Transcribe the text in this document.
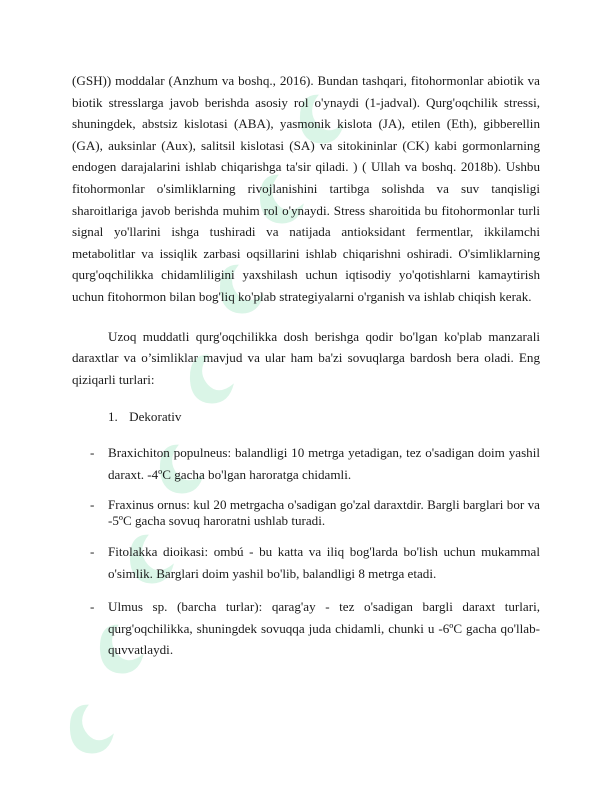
(GSH)) moddalar (Anzhum va boshq., 2016). Bundan tashqari, fitohormonlar abiotik va biotik stresslarga javob berishda asosiy rol o'ynaydi (1-jadval). Qurg'oqchilik stressi, shuningdek, abstsiz kislotasi (ABA), yasmonik kislota (JA), etilen (Eth), gibberellin (GA), auksinlar (Aux), salitsil kislotasi (SA) va sitokininlar (CK) kabi gormonlarning endogen darajalarini ishlab chiqarishga ta'sir qiladi. ) ( Ullah va boshq. 2018b). Ushbu fitohormonlar o'simliklarning rivojlanishini tartibga solishda va suv tanqisligi sharoitlariga javob berishda muhim rol o'ynaydi. Stress sharoitida bu fitohormonlar turli signal yo'llarini ishga tushiradi va natijada antioksidant fermentlar, ikkilamchi metabolitlar va issiqlik zarbasi oqsillarini ishlab chiqarishni oshiradi. O'simliklarning qurg'oqchilikka chidamliligini yaxshilash uchun iqtisodiy yo'qotishlarni kamaytirish uchun fitohormon bilan bog'liq ko'plab strategiyalarni o'rganish va ishlab chiqish kerak.

Uzoq muddatli qurg'oqchilikka dosh berishga qodir bo'lgan ko'plab manzarali daraxtlar va o’simliklar mavjud va ular ham ba'zi sovuqlarga bardosh bera oladi. Eng qiziqarli turlari:

1. Dekorativ
- Braxichiton populneus: balandligi 10 metrga yetadigan, tez o'sadigan doim yashil daraxt. -4ºC gacha bo'lgan haroratga chidamli.
- Fraxinus ornus: kul 20 metrgacha o'sadigan go'zal daraxtdir. Bargli barglari bor va -5ºC gacha sovuq haroratni ushlab turadi.
- Fitolakka dioikasi: ombú - bu katta va iliq bog'larda bo'lish uchun mukammal o'simlik. Barglari doim yashil bo'lib, balandligi 8 metrga etadi.
- Ulmus sp. (barcha turlar): qarag'ay - tez o'sadigan bargli daraxt turlari, qurg'oqchilikka, shuningdek sovuqqa juda chidamli, chunki u -6ºC gacha qo'llab-quvvatlaydi.
